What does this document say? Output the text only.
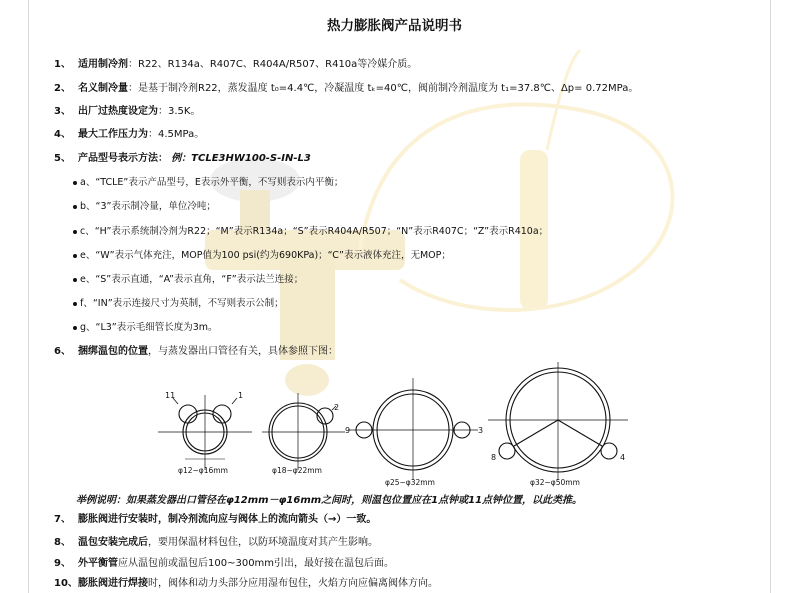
热力膨胀阀产品说明书
1、 适用制冷剂：R22、R134a、R407C、R404A/R507、R410a等冷媒介质。
2、 名义制冷量：是基于制冷剂R22，蒸发温度 t₀=4.4℃，冷凝温度 tₖ=40℃，阀前制冷剂温度为 t₁=37.8℃、Δp= 0.72MPa。
3、 出厂过热度设定为：3.5K。
4、 最大工作压力为：4.5MPa。
5、 产品型号表示方法： 例：TCLE3HW100-S-IN-L3
a、“TCLE”表示产品型号，E表示外平衡，不写则表示内平衡；
b、“3”表示制冷量，单位冷吨；
c、“H”表示系统制冷剂为R22；“M”表示R134a；“S”表示R404A/R507；“N”表示R407C；“Z”表示R410a；
e、“W”表示气体充注，MOP值为100 psi(约为690KPa)；“C”表示液体充注，无MOP；
e、“S”表示直通，“A”表示直角，“F”表示法兰连接；
f、“IN”表示连接尺寸为英制，不写则表示公制；
g、“L3”表示毛细管长度为3m。
6、 捆绑温包的位置，与蒸发器出口管径有关，具体参照下图：
11	1
φ12~φ16mm
2
φ18~φ22mm
9	3
φ25~φ32mm
8	4
φ32~φ50mm
举例说明：如果蒸发器出口管径在φ12mm－φ16mm之间时，则温包位置应在1点钟或11点钟位置，以此类推。
7、 膨胀阀进行安装时，制冷剂流向应与阀体上的流向箭头（→）一致。
8、 温包安装完成后，要用保温材料包住，以防环境温度对其产生影响。
9、 外平衡管应从温包前或温包后100~300mm引出，最好接在温包后面。
10、膨胀阀进行焊接时，阀体和动力头部分应用湿布包住，火焰方向应偏离阀体方向。
